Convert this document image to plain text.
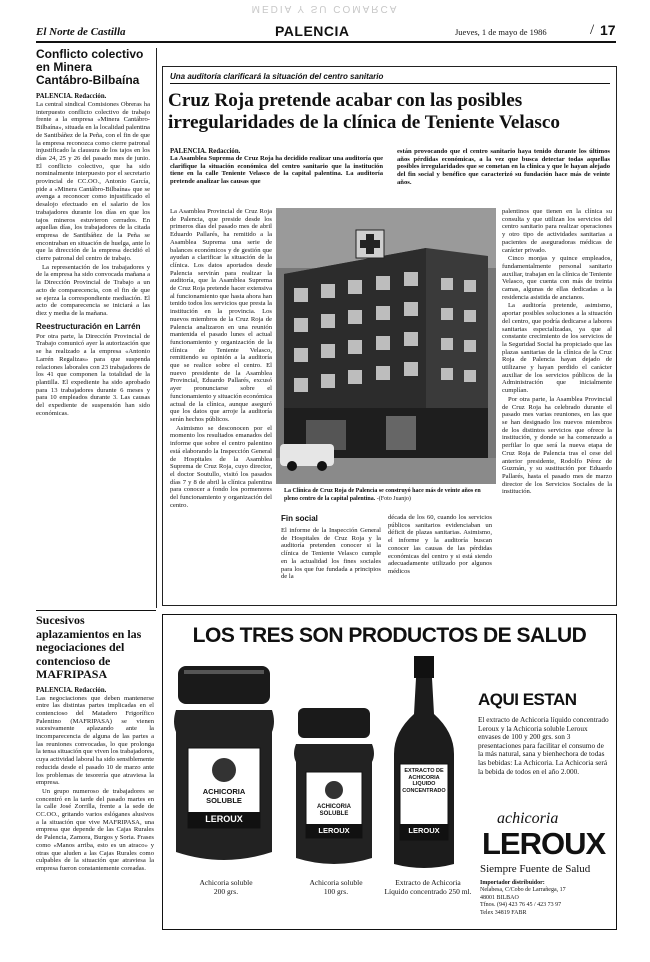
MEDIA Y SU COMARCA
El Norte de Castilla	PALENCIA	Jueves, 1 de mayo de 1986	/ 17
Conflicto colectivo en Minera Cantábro-Bilbaína
PALENCIA. Redacción.

La central sindical Comisiones Obreras ha interpuesto conflicto colectivo de trabajo frente a la empresa «Minera Cantábro-Bilbaína», situada en la localidad palentina de Santibáñez de la Peña, con el fin de que la empresa reconozca como cierre patronal injustificado la clausura de los tajos en los días 24, 25 y 26 del pasado mes de junio. El conflicto colectivo, que ha sido nominalmente interpuesto por el secretario provincial de CC.OO., Antonio García, pide a «Minera Cantábro-Bilbaína» que se avenga a reconocer como injustificado el desalojo efectuado en el salario de los trabajadores durante los días en que los tajos mineros estuvieron cerrados. En aquellas días, los trabajadores de la citada empresa de Santibáñez de la Peña se encontraban en situación de huelga, ante lo que la dirección de la empresa decidió el cierre patronal del centro de trabajo.

La representación de los trabajadores y de la empresa ha sido convocada mañana a la Dirección Provincial de Trabajo a un acto de comparecencia, con el fin de que se ejerza la correspondiente mediación. El acto de comparecencia se iniciará a las diez y media de la mañana.

Reestructuración en Larrén

Por otra parte, la Dirección Provincial de Trabajo comunicó ayer la autorización que se ha realizado a la empresa «Antonio Larrén Regalizas» para que suspenda relaciones laborales con 23 trabajadores de los 41 que componen la totalidad de la plantilla. El expediente ha sido aprobado para 13 trabajadores durante 6 meses y para 10 empleados durante 3. Las causas del expediente de suspensión han sido económicas.

Una auditoría clarificará la situación del centro sanitario
Cruz Roja pretende acabar con las posibles irregularidades de la clínica de Teniente Velasco
PALENCIA. Redacción.

La Asamblea Suprema de Cruz Roja ha decidido realizar una auditoría que clarifique la situación económica del centro sanitario que la institución tiene en la calle Teniente Velasco de la capital palentina. La auditoría pretende analizar las causas que

están provocando que el centro sanitario haya tenido durante los últimos años pérdidas económicas, a la vez que busca detectar todas aquellas posibles irregularidades que se cometan en la clínica y que le hayan alejado del fin social y benéfico que caracterizó su fundación hace más de veinte años.

La Asamblea Provincial de Cruz Roja de Palencia, que preside desde los primeros días del pasado mes de abril Eduardo Pallarés, ha remitido a la Asamblea Suprema una serie de balances económicos y de gestión que ayudan a clarificar la situación de la clínica. Los datos aportados desde Palencia servirán para realizar la auditoría, que la Asamblea Suprema de Cruz Roja pretende hacer extensiva al funcionamiento que hasta ahora han tenido todos los servicios que presta la institución en la provincia. Los nuevos miembros de la Cruz Roja de Palencia analizaron en una reunión mantenida el pasado lunes el actual funcionamiento y organización de la clínica de Teniente Velasco, remitiendo su opinión a la auditoría que se realice sobre el centro. El nuevo presidente de la Asamblea Provincial, Eduardo Pallarés, excusó ayer pronunciarse sobre el funcionamiento y situación económica actual de la clínica, aunque aseguró que los datos que arroje la auditoría serán hechos públicos.

Asimismo se desconocen por el momento los resultados emanados del informe que sobre el centro palentino está elaborando la Inspección General de Hospitales de la Asamblea Suprema de Cruz Roja, cuyo director, el doctor Soutullo, visitó los pasados días 7 y 8 de abril la clínica palentina para conocer a fondo los pormenores del funcionamiento y organización del centro.

La Clínica de Cruz Roja de Palencia se construyó hace más de veinte años en pleno centro de la capital palentina. -(Foto Juanjo)
Fin social

El informe de la Inspección General de Hospitales de Cruz Roja y la auditoría pretenden conocer si la clínica de Teniente Velasco cumple en la actualidad los fines sociales para los que fue fundada a principios de la

década de los 60, cuando los servicios públicos sanitarios evidenciaban un déficit de plazas sanitarias. Asimismo, el informe y la auditoría buscan conocer las causas de las pérdidas económicas del centro y si está siendo adecuadamente utilizado por algunos médicos

palentinos que tienen en la clínica su consulta y que utilizan los servicios del centro sanitario para realizar operaciones y otro tipo de actividades sanitarias a pacientes de aseguradoras médicas de carácter privado.

Cinco monjas y quince empleados, fundamentalmente personal sanitario auxiliar, trabajan en la clínica de Teniente Velasco, que cuenta con más de treinta camas, algunas de ellas dedicadas a la residencia asistida de ancianos.

La auditoría pretende, asimismo, aportar posibles soluciones a la situación del centro, que podría dedicarse a labores sanitarias especializadas, ya que al constante crecimiento de los servicios de la Seguridad Social ha propiciado que las plazas sanitarias de la clínica de la Cruz Roja de Palencia hayan dejado de utilizarse y hayan perdido el carácter auxiliar de los servicios públicos de la Administración que inicialmente cumplían.

Por otra parte, la Asamblea Provincial de Cruz Roja ha celebrado durante el pasado mes varias reuniones, en las que se han designado los nuevos miembros de los distintos servicios que ofrece la institución, y donde se ha comenzado a perfilar lo que será la nueva etapa de Cruz Roja de Palencia tras el cese del anterior presidente, Rodolfo Pérez de Guzmán, y su sustitución por Eduardo Pallarés, hasta el pasado mes de marzo director de los Servicios Sociales de la institución.

Sucesivos aplazamientos en las negociaciones del contencioso de MAFRIPASA
PALENCIA. Redacción.

Las negociaciones que deben mantenerse entre las distintas partes implicadas en el contencioso del Matadero Frigorífico Palentino (MAFRIPASA) se vienen sucesivamente aplazando ante la incomparecencia de alguna de las partes a las reuniones convocadas, lo que prolonga la tensa situación que viven los trabajadores, cuya actividad laboral ha sido sensiblemente reducida desde el pasado 10 de marzo ante los problemas de tesorería que atraviesa la empresa.

Un grupo numeroso de trabajadores se concentró en la tarde del pasado martes en la calle José Zorrilla, frente a la sede de CC.OO., gritando varios eslóganes alusivos a la situación que vive MAFRIPASA, una empresa que depende de las Cajas Rurales de Palencia, Zamora, Burgos y Soria. Frases como «Manos arriba, esto es un atraco» y otras que aluden a las Cajas Rurales como culpables de la situación que atraviesa la empresa fueron constantemente coreadas.

LOS TRES SON PRODUCTOS DE SALUD
ACHICORIA SOLUBLE
LEROUX
ACHICORIA SOLUBLE
LEROUX
EXTRACTO DE ACHICORIA LIQUIDO CONCENTRADO
LEROUX
Achicoria soluble
200 grs.
Achicoria soluble
100 grs.
Extracto de Achicoria
Líquido concentrado 250 ml.
AQUI ESTAN
El extracto de Achicoria líquido concentrado Leroux y la Achicoria soluble Leroux envases de 100 y 200 grs. son 3 presentaciones para facilitar el consumo de la más natural, sana y bienhechora de todas las bebidas: La Achicoria. La Achicoria será la bebida de todos en el año 2.000.
achicoria
LEROUX
Siempre Fuente de Salud
Importador distribuidor:
Nelabesa, C/Cobo de Larrañega, 17
48001 BILBAO
Tfnos. (94) 423 76 45 / 423 73 97
Telex 34819 FABR
